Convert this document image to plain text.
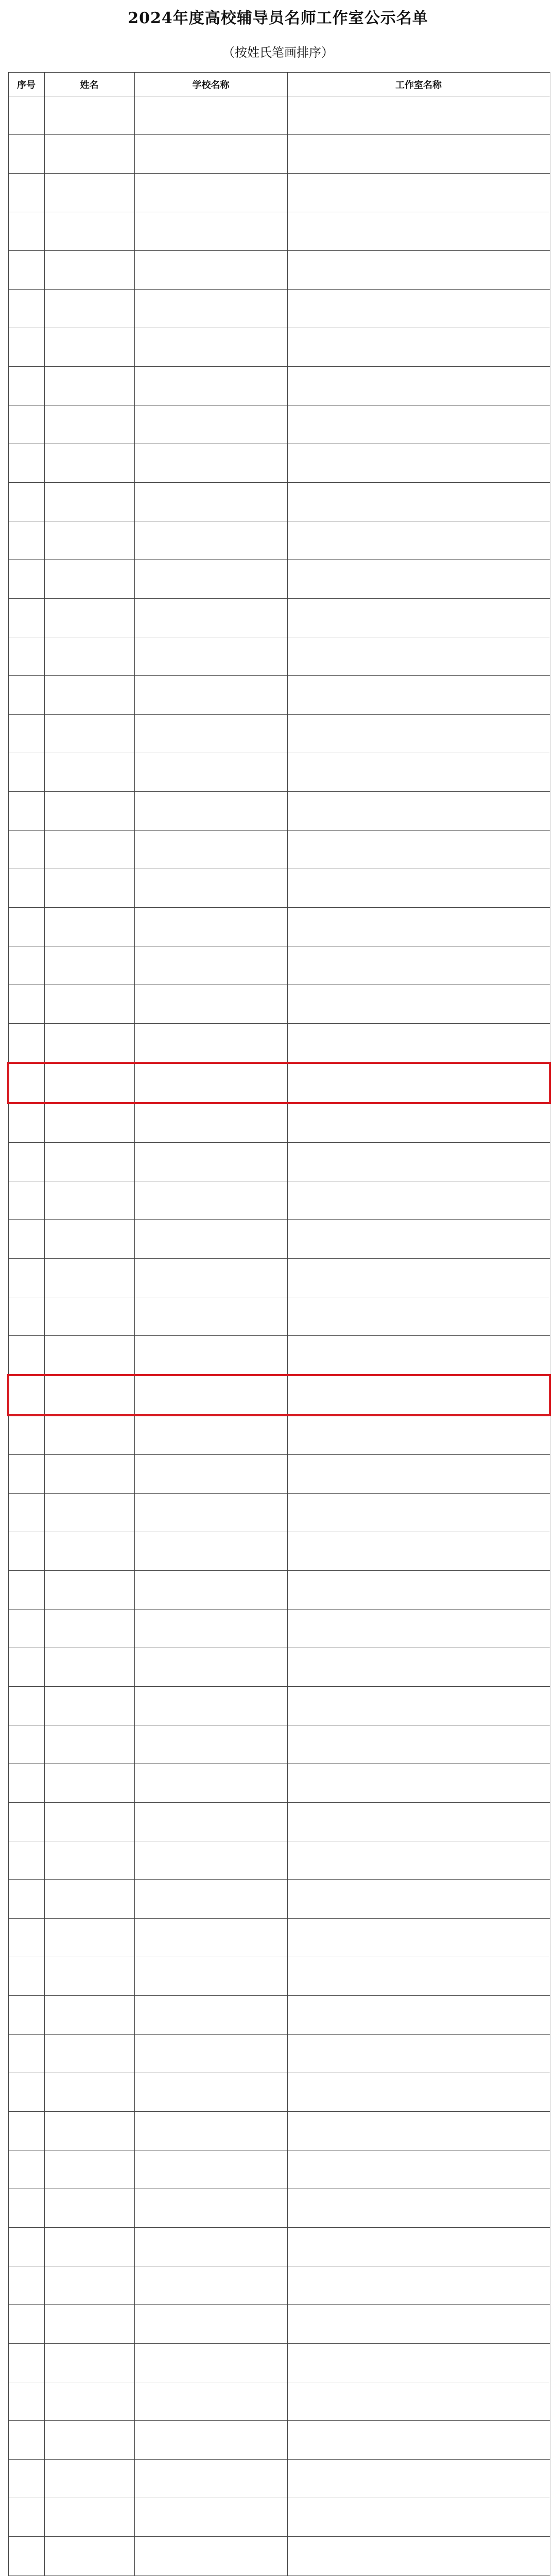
2024年度高校辅导员名师工作室公示名单
（按姓氏笔画排序）
序号	姓名	学校名称	工作室名称
